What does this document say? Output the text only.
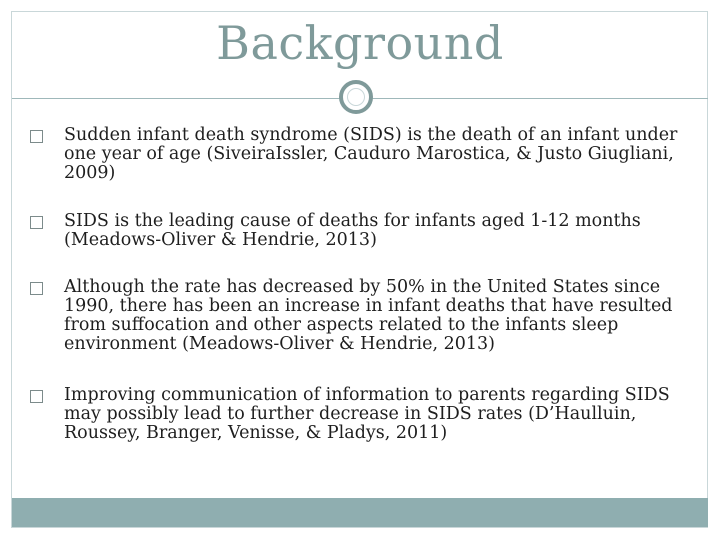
Background
Sudden infant death syndrome (SIDS) is the death of an infant under one year of age (SiveiraIssler, Cauduro Marostica, & Justo Giugliani, 2009)
SIDS is the leading cause of deaths for infants aged 1-12 months (Meadows-Oliver & Hendrie, 2013)
Although the rate has decreased by 50% in the United States since 1990, there has been an increase in infant deaths that have resulted from suffocation and other aspects related to the infants sleep environment (Meadows-Oliver & Hendrie, 2013)
Improving communication of information to parents regarding SIDS may possibly lead to further decrease in SIDS rates (D’Haulluin, Roussey, Branger, Venisse, & Pladys, 2011)
